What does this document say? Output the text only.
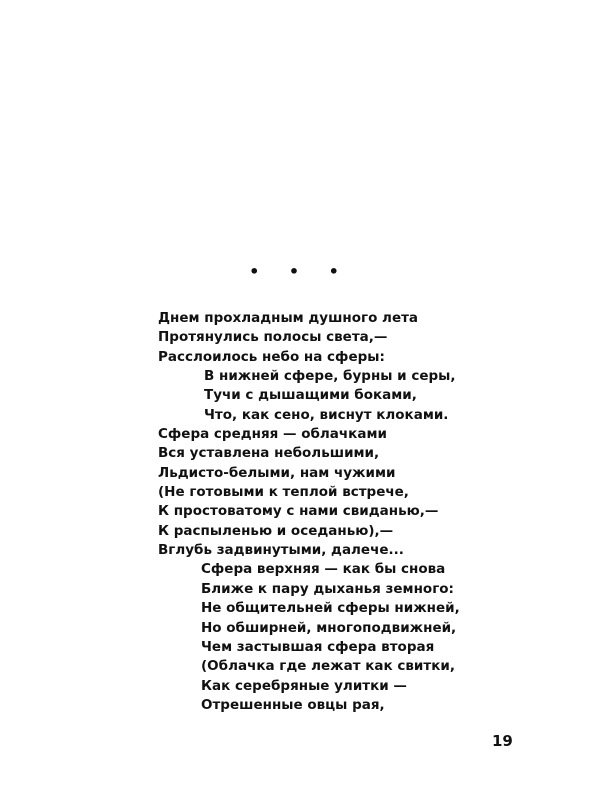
• • •
Днем прохладным душного лета
Протянулись полосы света,—
Расслоилось небо на сферы:
В нижней сфере, бурны и серы,
Тучи с дышащими боками,
Что, как сено, виснут клоками.
Сфера средняя — облачками
Вся уставлена небольшими,
Льдисто-белыми, нам чужими
(Не готовыми к теплой встрече,
К простоватому с нами свиданью,—
К распыленью и оседанью),—
Вглубь задвинутыми, далече...
Сфера верхняя — как бы снова
Ближе к пару дыханья земного:
Не общительней сферы нижней,
Но обширней, многоподвижней,
Чем застывшая сфера вторая
(Облачка где лежат как свитки,
Как серебряные улитки —
Отрешенные овцы рая,
19
